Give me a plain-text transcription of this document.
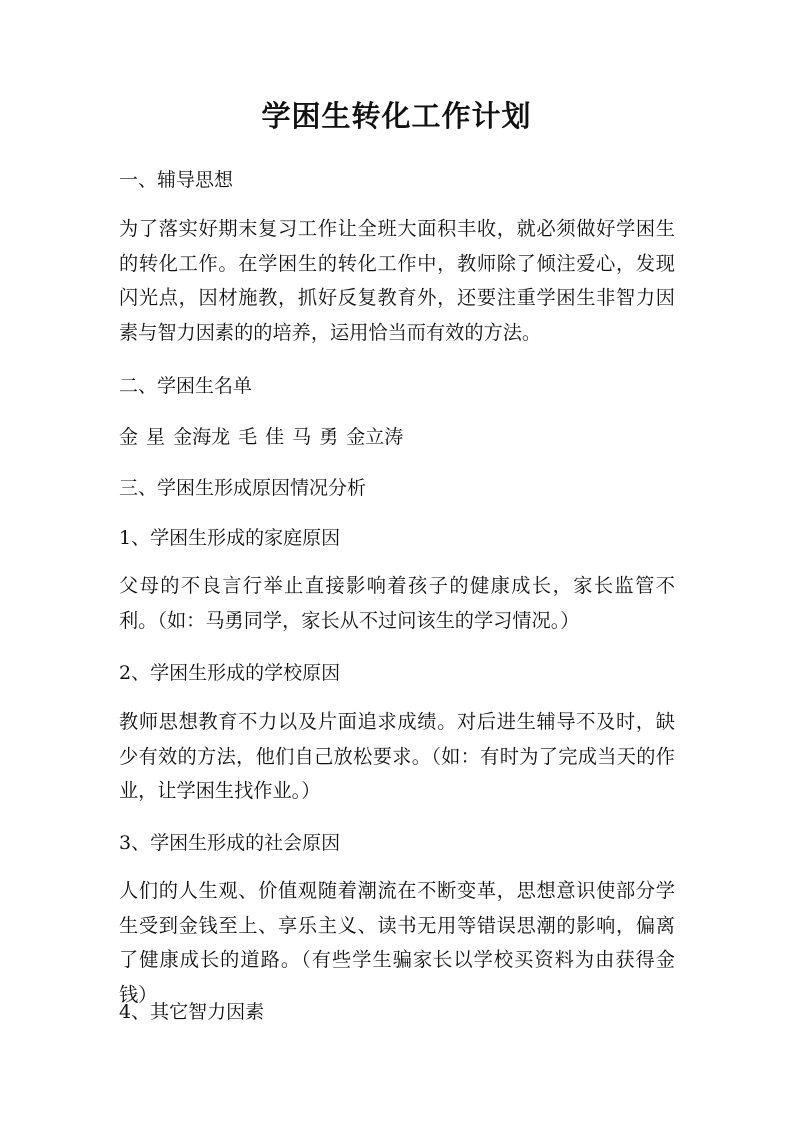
学困生转化工作计划
一、辅导思想
为了落实好期末复习工作让全班大面积丰收，就必须做好学困生的转化工作。在学困生的转化工作中，教师除了倾注爱心，发现闪光点，因材施教，抓好反复教育外，还要注重学困生非智力因素与智力因素的的培养，运用恰当而有效的方法。
二、学困生名单
金 星 金海龙 毛 佳 马 勇 金立涛
三、学困生形成原因情况分析
1、学困生形成的家庭原因
父母的不良言行举止直接影响着孩子的健康成长，家长监管不利。（如：马勇同学，家长从不过问该生的学习情况。）
2、学困生形成的学校原因
教师思想教育不力以及片面追求成绩。对后进生辅导不及时，缺少有效的方法，他们自己放松要求。（如：有时为了完成当天的作业，让学困生找作业。）
3、学困生形成的社会原因
人们的人生观、价值观随着潮流在不断变革，思想意识使部分学生受到金钱至上、享乐主义、读书无用等错误思潮的影响，偏离了健康成长的道路。（有些学生骗家长以学校买资料为由获得金钱）
4、其它智力因素
